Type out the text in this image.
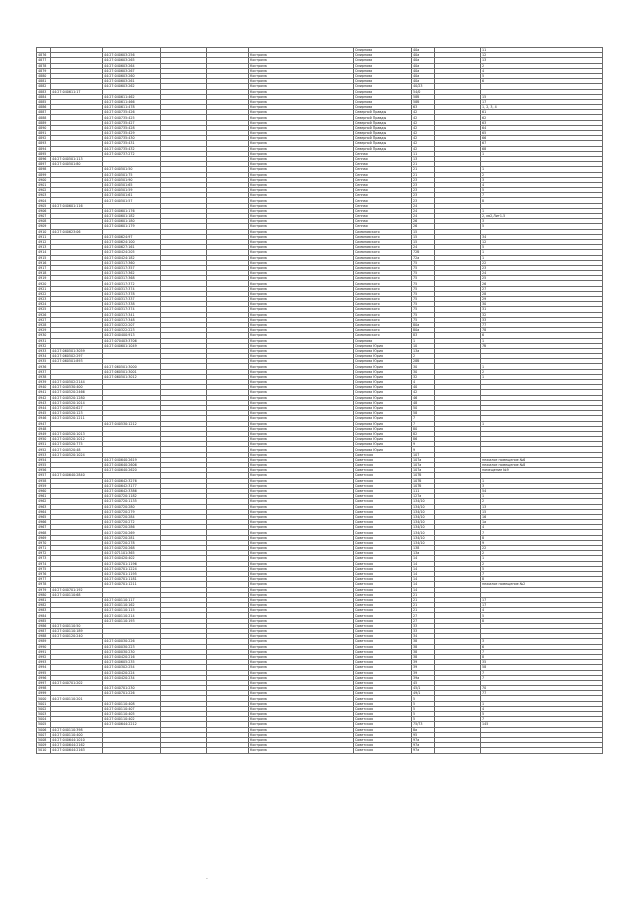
						Смирнова	40а		11
4876		44:27:040603:256			Кострома	Смирнова	40а		12
4877		44:27:040603:265			Кострома	Смирнова	40а		13
4878		44:27:040603:264			Кострома	Смирнова	40а		2
4879		44:27:040603:267			Кострома	Смирнова	40а		4
4880		44:27:040603:260			Кострома	Смирнова	40а		5
4881		44:27:040603:261			Кострома	Смирнова	40а		6
4882		44:27:040603:262			Кострома	Смирнова	40/23		
4883	44:27:040611:17				Кострома	Смирнова	54/0		
4884		44:27:040611:462			Кострома	Смирнова	58б		15
4885		44:27:040611:466			Кострома	Смирнова	58б		17
4886		44:27:040611:478			Кострома	Смирнова	63		1, 2, 3, 4
4887		44:27:040735:426			Кострома	Северной Правды	42		61
4888		44:27:040735:425			Кострома	Северной Правды	42		62
4889		44:27:040735:427			Кострома	Северной Правды	42		63
4890		44:27:040735:428			Кострома	Северной Правды	42		64
4891		44:27:040735:429			Кострома	Северной Правды	42		65
4892		44:27:040735:430			Кострома	Северной Правды	42		66
4893		44:27:040735:431			Кострома	Северной Правды	42		67
4894		44:27:040735:432			Кострома	Северной Правды	42		68
4895		44:27:040737:272			Кострома	Сенная	11		1
4896	44:27:040501:113				Кострома	Сенная	13		
4897	44:27:040501:80				Кострома	Сенная	21		
4898		44:27:040501:50			Кострома	Сенная	21		1
4899		44:27:040501:75			Кострома	Сенная	21		2
4900		44:27:040501:90			Кострома	Сенная	23		3
4901		44:27:040501:65			Кострома	Сенная	23		4
4902		44:27:040501:59			Кострома	Сенная	23		5
4903		44:27:040501:61			Кострома	Сенная	23		7
4904		44:27:040501:57			Кострома	Сенная	23		8
4905	44:27:040601:116				Кострома	Сенная	24		
4906		44:27:040601:176			Кострома	Сенная	24		1
4907		44:27:040601:182			Кострома	Сенная	24		2, кв2,Лит1-5
4908		44:27:040601:180			Кострома	Сенная	26		3
4909		44:27:040601:179			Кострома	Сенная	26		5
4910	44:27:040623:06				Кострома	Симановского	15		
4911		44:27:040624:97			Кострома	Симановского	15		34
4912		44:27:040624:100			Кострома	Симановского	15		12
4913		44:27:040627:161			Кострома	Симановского	24		5
4914		44:27:040424:205			Кострома	Симановского	72б		1
4915		44:27:040424:182			Кострома	Симановского	72а		1
4916		44:27:040317:360			Кострома	Симановского	75		22
4917		44:27:040317:357			Кострома	Симановского	75		23
4918		44:27:040317:362			Кострома	Симановского	75		24
4919		44:27:040317:368			Кострома	Симановского	75		25
4920		44:27:040317:372			Кострома	Симановского	75		26
4921		44:27:040317:374			Кострома	Симановского	75		27
4922		44:27:040317:378			Кострома	Симановского	75		28
4923		44:27:040317:337			Кострома	Симановского	75		29
4924		44:27:040317:338			Кострома	Симановского	75		30
4925		44:27:040317:374			Кострома	Симановского	75		31
4926		44:27:040317:341			Кострома	Симановского	75		32
4927		44:27:040317:348			Кострома	Симановского	75		33
4928		44:27:040322:207			Кострома	Симановского	80а		77
4929		44:27:040322:223			Кострома	Симановского	80а		78
4930		44:27:040400:913			Кострома	Симановского	83		6
4931		44:27:070403:3706			Кострома	Смирнова	1		1
4932		44:27:040601:1049			Кострома	Смирнова Юрия	10		7б
4933	44:27:060501:3059				Кострома	Смирнова Юрия	13а		
4934	44:27:060502:297				Кострома	Смирнова Юрия	2		
4935	44:27:060501:893				Кострома	Смирнова Юрия	28б		
4936		44:27:060501:3000			Кострома	Смирнова Юрия	30		1
4937		44:27:060501:3001			Кострома	Смирнова Юрия	30		2
4938		44:27:060501:3012			Кострома	Смирнова Юрия	32		1
4939	44:27:040502:2144				Кострома	Смирнова Юрия	4		
4940	44:27:040530:400				Кострома	Смирнова Юрия	40		
4941	44:27:040520:2466				Кострома	Смирнова Юрия	42		
4942	44:27:040520:1280				Кострома	Смирнова Юрия	46		
4943	44:27:040520:1014				Кострома	Смирнова Юрия	48		
4944	44:27:040520:627				Кострома	Смирнова Юрия	50		
4945	44:27:040520:123				Кострома	Смирнова Юрия	58		
4946	44:27:040520:1211				Кострома	Смирнова Юрия	7		
4947		44:27:040530:1212			Кострома	Смирнова Юрия	7		1
4948					Кострома	Смирнова Юрия	80		
4949	44:27:040520:1013				Кострома	Смирнова Юрия	82		
4950	44:27:040520:1012				Кострома	Смирнова Юрия	86		
4951	44:27:040520:775				Кострома	Смирнова Юрия	9		
4952	44:27:040520:48				Кострома	Смирнова Юрия	9		
4953	44:27:040520:1024				Кострома	Советская	107		
4954		44:27:040640:2619			Кострома	Советская	107а		нежилое помещение №6
4955		44:27:040640:2606			Кострома	Советская	107а		нежилое помещение №8
4956		44:27:040640:2620			Кострома	Советская	107а		помещение №9
4957	44:27:040640:2840				Кострома	Советская	107б		
4958		44:27:040642:3276			Кострома	Советская	107б		1
4959		44:27:040642:3177			Кострома	Советская	107б		3
4960		44:27:040642:3386			Кострома	Советская	111		54
4961		44:27:040720:1182			Кострома	Советская	127а		1
4962		44:27:040720:1135			Кострома	Советская	134/10		2
4963		44:27:040720:280			Кострома	Советская	134/10		13
4964		44:27:040720:279			Кострома	Советская	134/10		15
4965		44:27:040720:284			Кострома	Советская	134/10		16
4966		44:27:040720:272			Кострома	Советская	134/10		1а
4967		44:27:040720:286			Кострома	Советская	134/10		4
4968		44:27:040720:269			Кострома	Советская	134/10		7
4969		44:27:040720:281			Кострома	Советская	134/10		8
4970		44:27:040720:278			Кострома	Советская	134/10		9
4971		44:27:040720:268			Кострома	Советская	138		22
4972		44:27:071101:365			Кострома	Советская	13а		2
4973		44:27:040420:402			Кострома	Советская	14		1
4974		44:27:040701:1196			Кострома	Советская	14		2
4975		44:27:040701:1224			Кострома	Советская	14		5
4976		44:27:040701:1195			Кострома	Советская	14		7
4977		44:27:040701:1181			Кострома	Советская	14		8
4978		44:27:040701:1211			Кострома	Советская	14		нежилое помещение №2
4979	44:27:040701:192				Кострома	Советская	14		
4980	44:27:040110:68				Кострома	Советская	21		
4981		44:27:040110:117			Кострома	Советская	21		17
4982		44:27:040110:162			Кострома	Советская	21		17
4983		44:27:040110:115			Кострома	Советская	21		4
4984		44:27:040110:214			Кострома	Советская	27		5
4985		44:27:040110:193			Кострома	Советская	27		8
4986	44:27:040110:50				Кострома	Советская	33		
4987	44:27:040110:189				Кострома	Советская	33		
4988	44:27:040120:240				Кострома	Советская	34		
4989		44:27:040030:226			Кострома	Советская	38		3
4990		44:27:040030:223			Кострома	Советская	38		6
4991		44:27:040030:230			Кострома	Советская	38		7
4992		44:27:040420:216			Кострома	Советская	38		8
4993		44:27:040605:235			Кострома	Советская	39		35
4994		44:27:040302:254			Кострома	Советская	39		58
4995		44:27:040420:224			Кострома	Советская	39		7
4996		44:27:040420:234			Кострома	Советская	39а		7
4997	44:27:040701:202				Кострома	Советская	45		
4998		44:27:040701:230			Кострома	Советская	45/1		70
4999		44:27:040701:226			Кострома	Советская	49/1		77
5000	44:27:040110:201				Кострома	Советская	5		
5001		44:27:040110:408			Кострома	Советская	5		1
5002		44:27:040110:407			Кострома	Советская	5		4
5003		44:27:040110:405			Кострома	Советская	5		5
5004		44:27:040110:402			Кострома	Советская	5		7
5005		44:27:040644:2212			Кострома	Советская	75/73		145
5006	44:27:040110:398				Кострома	Советская	8а		
5007	44:27:040110:400				Кострома	Советская	95		
5008	44:27:040644:1010				Кострома	Советская	97а		
5009	44:27:040644:2162				Кострома	Советская	97а		
5010	44:27:040644:2163				Кострома	Советская	97а		
·
